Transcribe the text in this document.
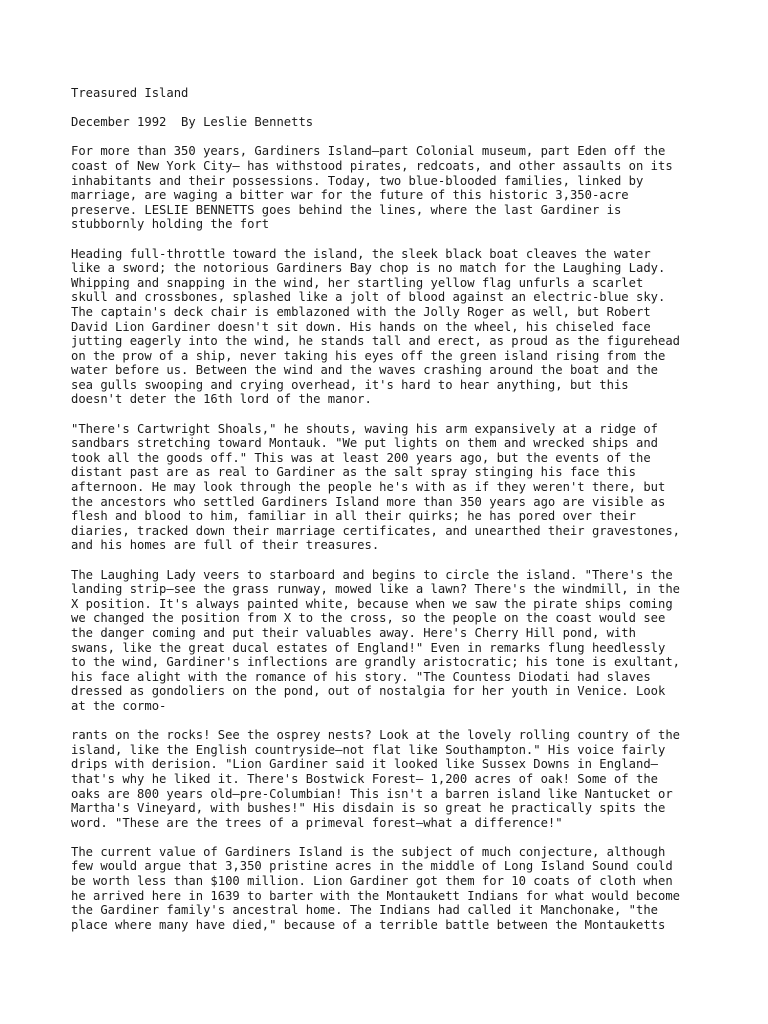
Treasured Island
December 1992  By Leslie Bennetts
For more than 350 years, Gardiners Island—part Colonial museum, part Eden off the
coast of New York City— has withstood pirates, redcoats, and other assaults on its
inhabitants and their possessions. Today, two blue-blooded families, linked by
marriage, are waging a bitter war for the future of this historic 3,350-acre
preserve. LESLIE BENNETTS goes behind the lines, where the last Gardiner is
stubbornly holding the fort
Heading full-throttle toward the island, the sleek black boat cleaves the water
like a sword; the notorious Gardiners Bay chop is no match for the Laughing Lady.
Whipping and snapping in the wind, her startling yellow flag unfurls a scarlet
skull and crossbones, splashed like a jolt of blood against an electric-blue sky.
The captain's deck chair is emblazoned with the Jolly Roger as well, but Robert
David Lion Gardiner doesn't sit down. His hands on the wheel, his chiseled face
jutting eagerly into the wind, he stands tall and erect, as proud as the figurehead
on the prow of a ship, never taking his eyes off the green island rising from the
water before us. Between the wind and the waves crashing around the boat and the
sea gulls swooping and crying overhead, it's hard to hear anything, but this
doesn't deter the 16th lord of the manor.
"There's Cartwright Shoals," he shouts, waving his arm expansively at a ridge of
sandbars stretching toward Montauk. "We put lights on them and wrecked ships and
took all the goods off." This was at least 200 years ago, but the events of the
distant past are as real to Gardiner as the salt spray stinging his face this
afternoon. He may look through the people he's with as if they weren't there, but
the ancestors who settled Gardiners Island more than 350 years ago are visible as
flesh and blood to him, familiar in all their quirks; he has pored over their
diaries, tracked down their marriage certificates, and unearthed their gravestones,
and his homes are full of their treasures.
The Laughing Lady veers to starboard and begins to circle the island. "There's the
landing strip—see the grass runway, mowed like a lawn? There's the windmill, in the
X position. It's always painted white, because when we saw the pirate ships coming
we changed the position from X to the cross, so the people on the coast would see
the danger coming and put their valuables away. Here's Cherry Hill pond, with
swans, like the great ducal estates of England!" Even in remarks flung heedlessly
to the wind, Gardiner's inflections are grandly aristocratic; his tone is exultant,
his face alight with the romance of his story. "The Countess Diodati had slaves
dressed as gondoliers on the pond, out of nostalgia for her youth in Venice. Look
at the cormo-
rants on the rocks! See the osprey nests? Look at the lovely rolling country of the
island, like the English countryside—not flat like Southampton." His voice fairly
drips with derision. "Lion Gardiner said it looked like Sussex Downs in England—
that's why he liked it. There's Bostwick Forest— 1,200 acres of oak! Some of the
oaks are 800 years old—pre-Columbian! This isn't a barren island like Nantucket or
Martha's Vineyard, with bushes!" His disdain is so great he practically spits the
word. "These are the trees of a primeval forest—what a difference!"
The current value of Gardiners Island is the subject of much conjecture, although
few would argue that 3,350 pristine acres in the middle of Long Island Sound could
be worth less than $100 million. Lion Gardiner got them for 10 coats of cloth when
he arrived here in 1639 to barter with the Montaukett Indians for what would become
the Gardiner family's ancestral home. The Indians had called it Manchonake, "the
place where many have died," because of a terrible battle between the Montauketts
